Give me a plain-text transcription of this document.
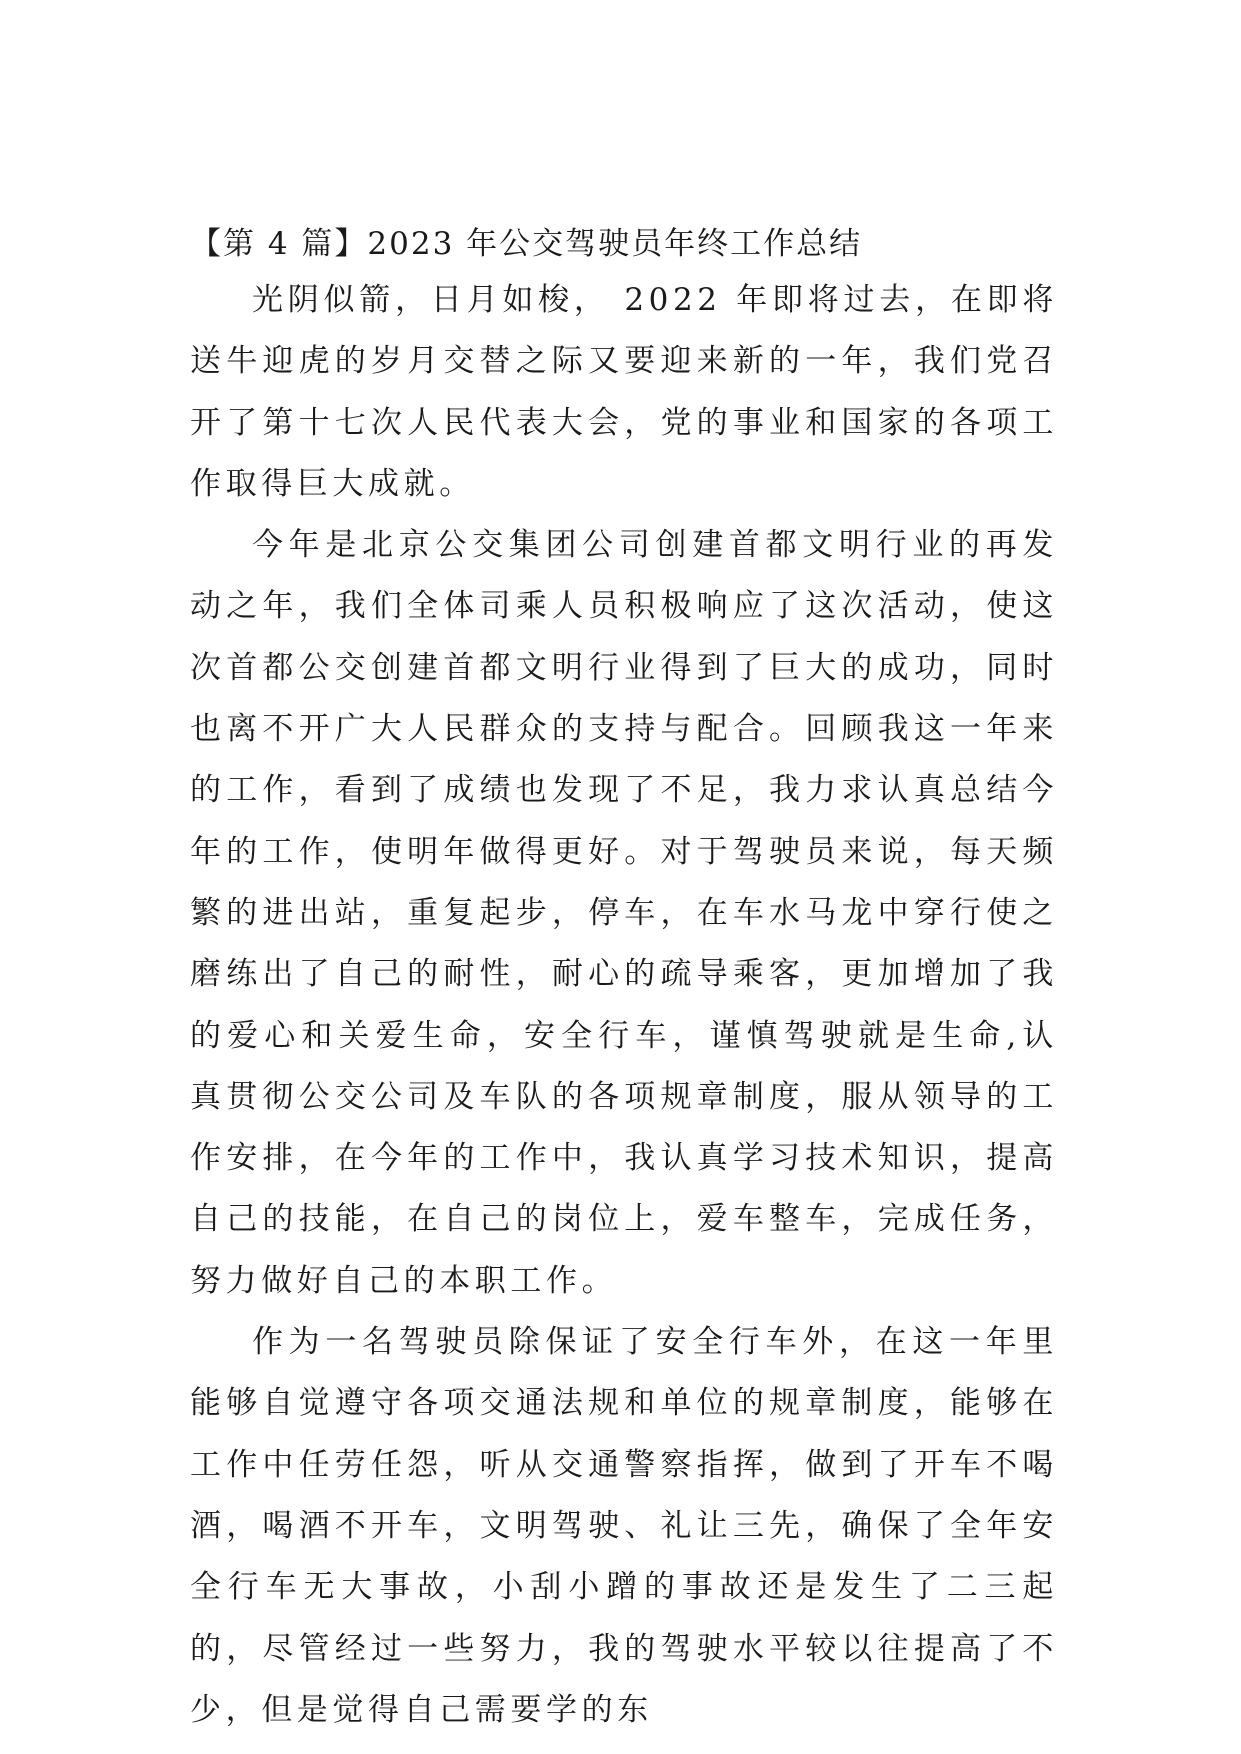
【第 4 篇】2023 年公交驾驶员年终工作总结

光阴似箭，日月如梭， 2022 年即将过去，在即将送牛迎虎的岁月交替之际又要迎来新的一年，我们党召开了第十七次人民代表大会，党的事业和国家的各项工作取得巨大成就。

今年是北京公交集团公司创建首都文明行业的再发动之年，我们全体司乘人员积极响应了这次活动，使这次首都公交创建首都文明行业得到了巨大的成功，同时也离不开广大人民群众的支持与配合。回顾我这一年来的工作，看到了成绩也发现了不足，我力求认真总结今年的工作，使明年做得更好。对于驾驶员来说，每天频繁的进出站，重复起步，停车，在车水马龙中穿行使之磨练出了自己的耐性，耐心的疏导乘客，更加增加了我的爱心和关爱生命，安全行车，谨慎驾驶就是生命,认真贯彻公交公司及车队的各项规章制度，服从领导的工作安排，在今年的工作中，我认真学习技术知识，提高自己的技能，在自己的岗位上，爱车整车，完成任务，努力做好自己的本职工作。

作为一名驾驶员除保证了安全行车外，在这一年里能够自觉遵守各项交通法规和单位的规章制度，能够在工作中任劳任怨，听从交通警察指挥，做到了开车不喝酒，喝酒不开车，文明驾驶、礼让三先，确保了全年安全行车无大事故，小刮小蹭的事故还是发生了二三起的，尽管经过一些努力，我的驾驶水平较以往提高了不少，但是觉得自己需要学的东
